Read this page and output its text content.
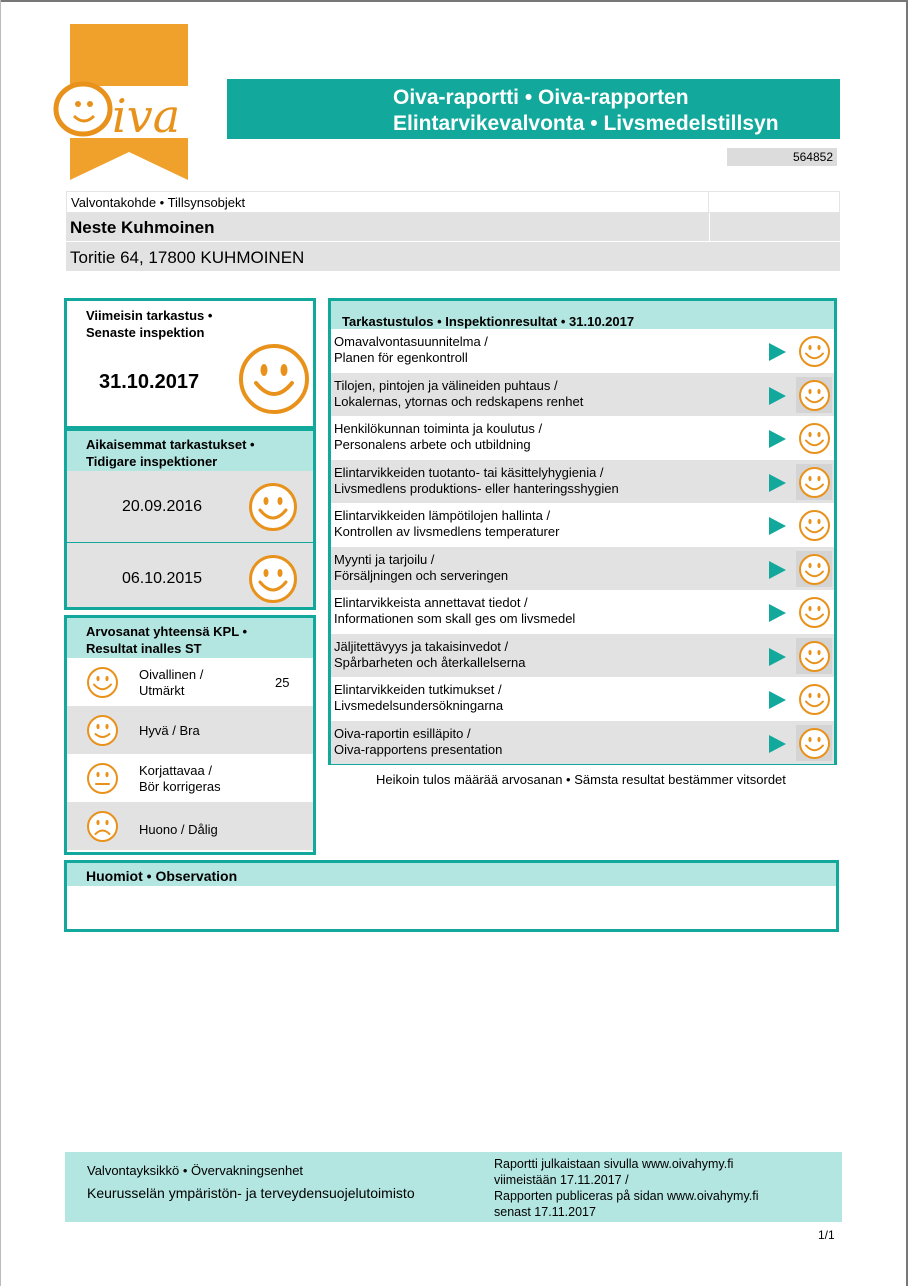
iva	Oiva-raportti • Oiva-rapporten
Elintarvikevalvonta • Livsmedelstillsyn
564852
Valvontakohde • Tillsynsobjekt
Neste Kuhmoinen
Toritie 64, 17800 KUHMOINEN
Viimeisin tarkastus •
Senaste inspektion
31.10.2017
Aikaisemmat tarkastukset •
Tidigare inspektioner
20.09.2016
06.10.2015
Arvosanat yhteensä KPL •
Resultat inalles ST
Oivallinen /
Utmärkt
25
Hyvä / Bra
Korjattavaa /
Bör korrigeras
Huono / Dålig
Tarkastustulos • Inspektionresultat • 31.10.2017
Omavalvontasuunnitelma /
Planen för egenkontroll
Tilojen, pintojen ja välineiden puhtaus /
Lokalernas, ytornas och redskapens renhet
Henkilökunnan toiminta ja koulutus /
Personalens arbete och utbildning
Elintarvikkeiden tuotanto- tai käsittelyhygienia /
Livsmedlens produktions- eller hanteringsshygien
Elintarvikkeiden lämpötilojen hallinta /
Kontrollen av livsmedlens temperaturer
Myynti ja tarjoilu /
Försäljningen och serveringen
Elintarvikkeista annettavat tiedot /
Informationen som skall ges om livsmedel
Jäljitettävyys ja takaisinvedot /
Spårbarheten och återkallelserna
Elintarvikkeiden tutkimukset /
Livsmedelsundersökningarna
Oiva-raportin esilläpito /
Oiva-rapportens presentation
Heikoin tulos määrää arvosanan • Sämsta resultat bestämmer vitsordet
Huomiot • Observation
Valvontayksikkö • Övervakningsenhet
Keurusselän ympäristön- ja terveydensuojelutoimisto
Raportti julkaistaan sivulla www.oivahymy.fi
viimeistään 17.11.2017 /
Rapporten publiceras på sidan www.oivahymy.fi
senast 17.11.2017
1/1
